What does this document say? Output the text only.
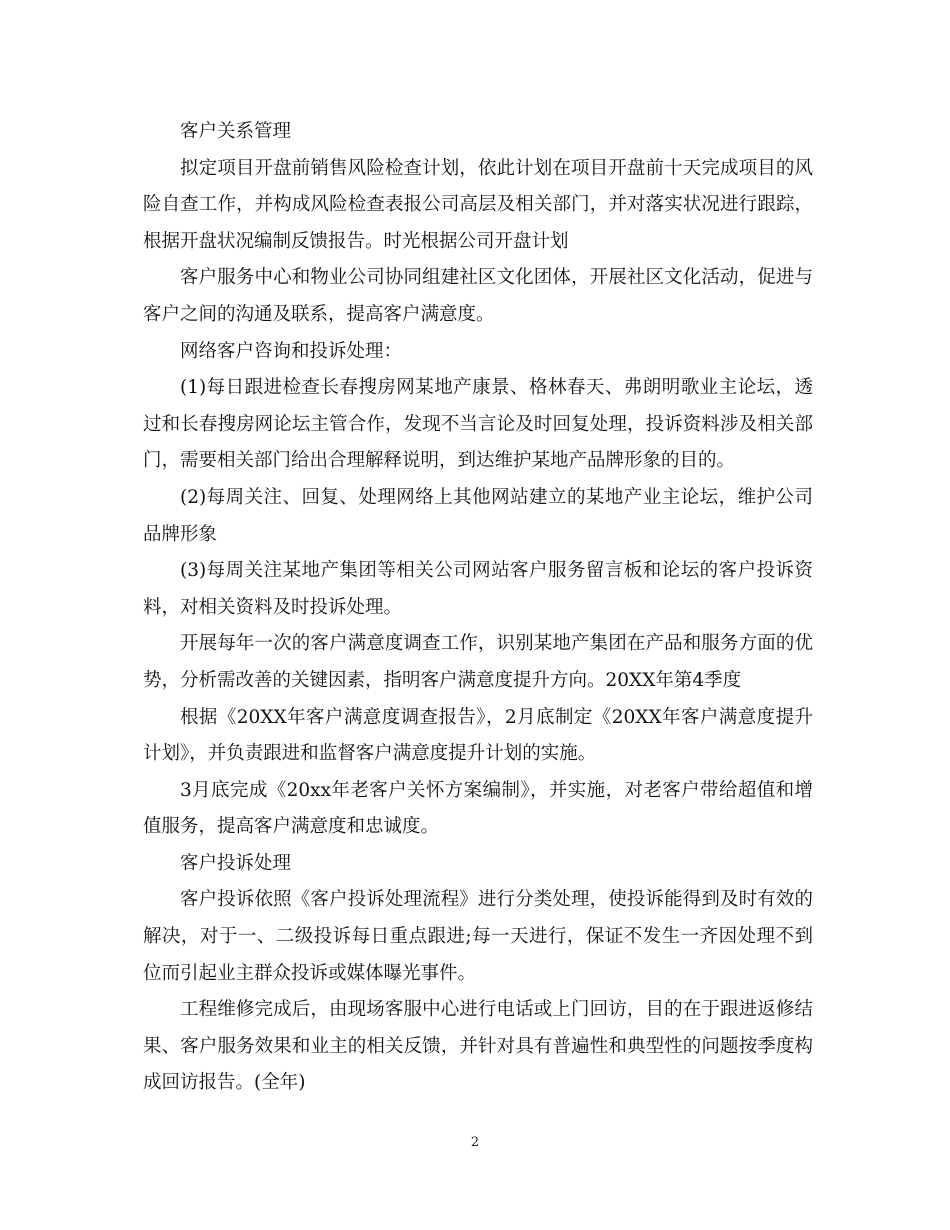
客户关系管理

拟定项目开盘前销售风险检查计划，依此计划在项目开盘前十天完成项目的风险自查工作，并构成风险检查表报公司高层及相关部门，并对落实状况进行跟踪，根据开盘状况编制反馈报告。时光根据公司开盘计划

客户服务中心和物业公司协同组建社区文化团体，开展社区文化活动，促进与客户之间的沟通及联系，提高客户满意度。

网络客户咨询和投诉处理：

(1)每日跟进检查长春搜房网某地产康景、格林春天、弗朗明歌业主论坛，透过和长春搜房网论坛主管合作，发现不当言论及时回复处理，投诉资料涉及相关部门，需要相关部门给出合理解释说明，到达维护某地产品牌形象的目的。

(2)每周关注、回复、处理网络上其他网站建立的某地产业主论坛，维护公司品牌形象

(3)每周关注某地产集团等相关公司网站客户服务留言板和论坛的客户投诉资料，对相关资料及时投诉处理。

开展每年一次的客户满意度调查工作，识别某地产集团在产品和服务方面的优势，分析需改善的关键因素，指明客户满意度提升方向。20XX年第4季度

根据《20XX年客户满意度调查报告》，2月底制定《20XX年客户满意度提升计划》，并负责跟进和监督客户满意度提升计划的实施。

3月底完成《20xx年老客户关怀方案编制》，并实施，对老客户带给超值和增值服务，提高客户满意度和忠诚度。

客户投诉处理

客户投诉依照《客户投诉处理流程》进行分类处理，使投诉能得到及时有效的解决，对于一、二级投诉每日重点跟进;每一天进行，保证不发生一齐因处理不到位而引起业主群众投诉或媒体曝光事件。

工程维修完成后，由现场客服中心进行电话或上门回访，目的在于跟进返修结果、客户服务效果和业主的相关反馈，并针对具有普遍性和典型性的问题按季度构成回访报告。(全年)

2
